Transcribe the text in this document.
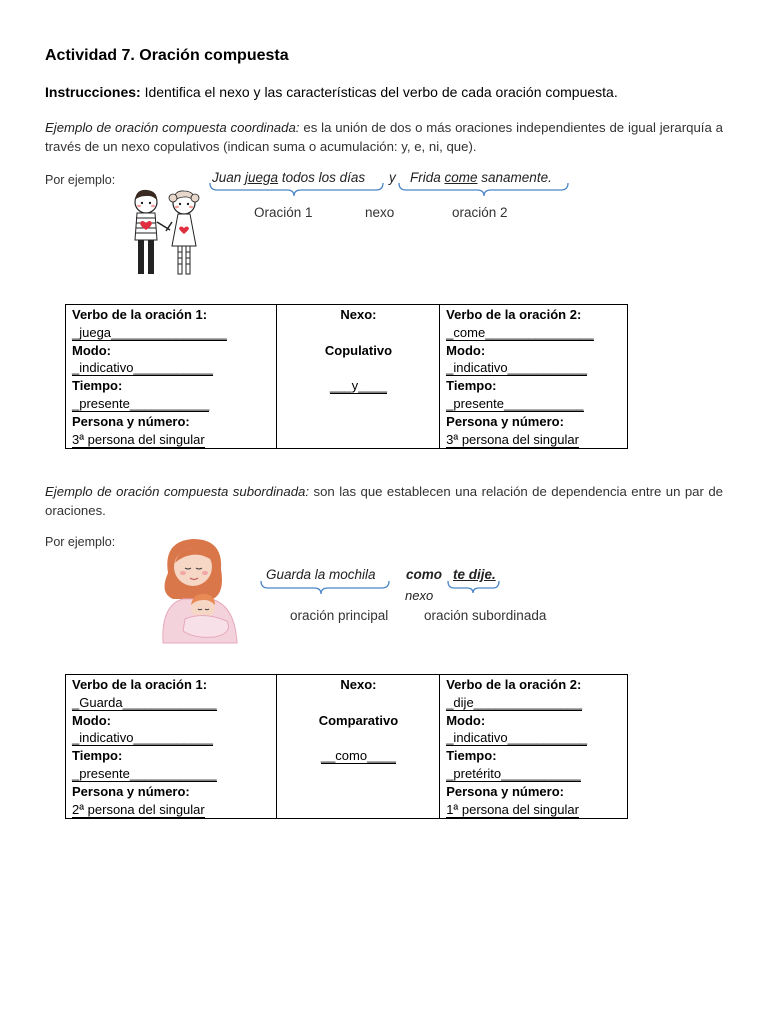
Actividad 7. Oración compuesta
Instrucciones: Identifica el nexo y las características del verbo de cada oración compuesta.
Ejemplo de oración compuesta coordinada: es la unión de dos o más oraciones independientes de igual jerarquía a través de un nexo copulativos (indican suma o acumulación: y, e, ni, que).
Por ejemplo:	Juan juega todos los días y Frida come sanamente.
Oración 1	nexo	oración 2
Verbo de la oración 1:
_juega________________

Modo:
_indicativo___________

Tiempo:
_presente___________

Persona y número:
3ª persona del singular	
Nexo:
Copulativo
___y____	
Verbo de la oración 2:
_come_______________

Modo:
_indicativo___________

Tiempo:
_presente___________

Persona y número:
3ª persona del singular
Ejemplo de oración compuesta subordinada: son las que establecen una relación de dependencia entre un par de oraciones.
Por ejemplo:
Guarda la mochila como te dije.
nexo
oración principal	oración subordinada
Verbo de la oración 1:
_Guarda_____________

Modo:
_indicativo___________

Tiempo:
_presente____________

Persona y número:
2ª persona del singular	
Nexo:
Comparativo
__como____	
Verbo de la oración 2:
_dije_______________

Modo:
_indicativo___________

Tiempo:
_pretérito___________

Persona y número:
1ª persona del singular
